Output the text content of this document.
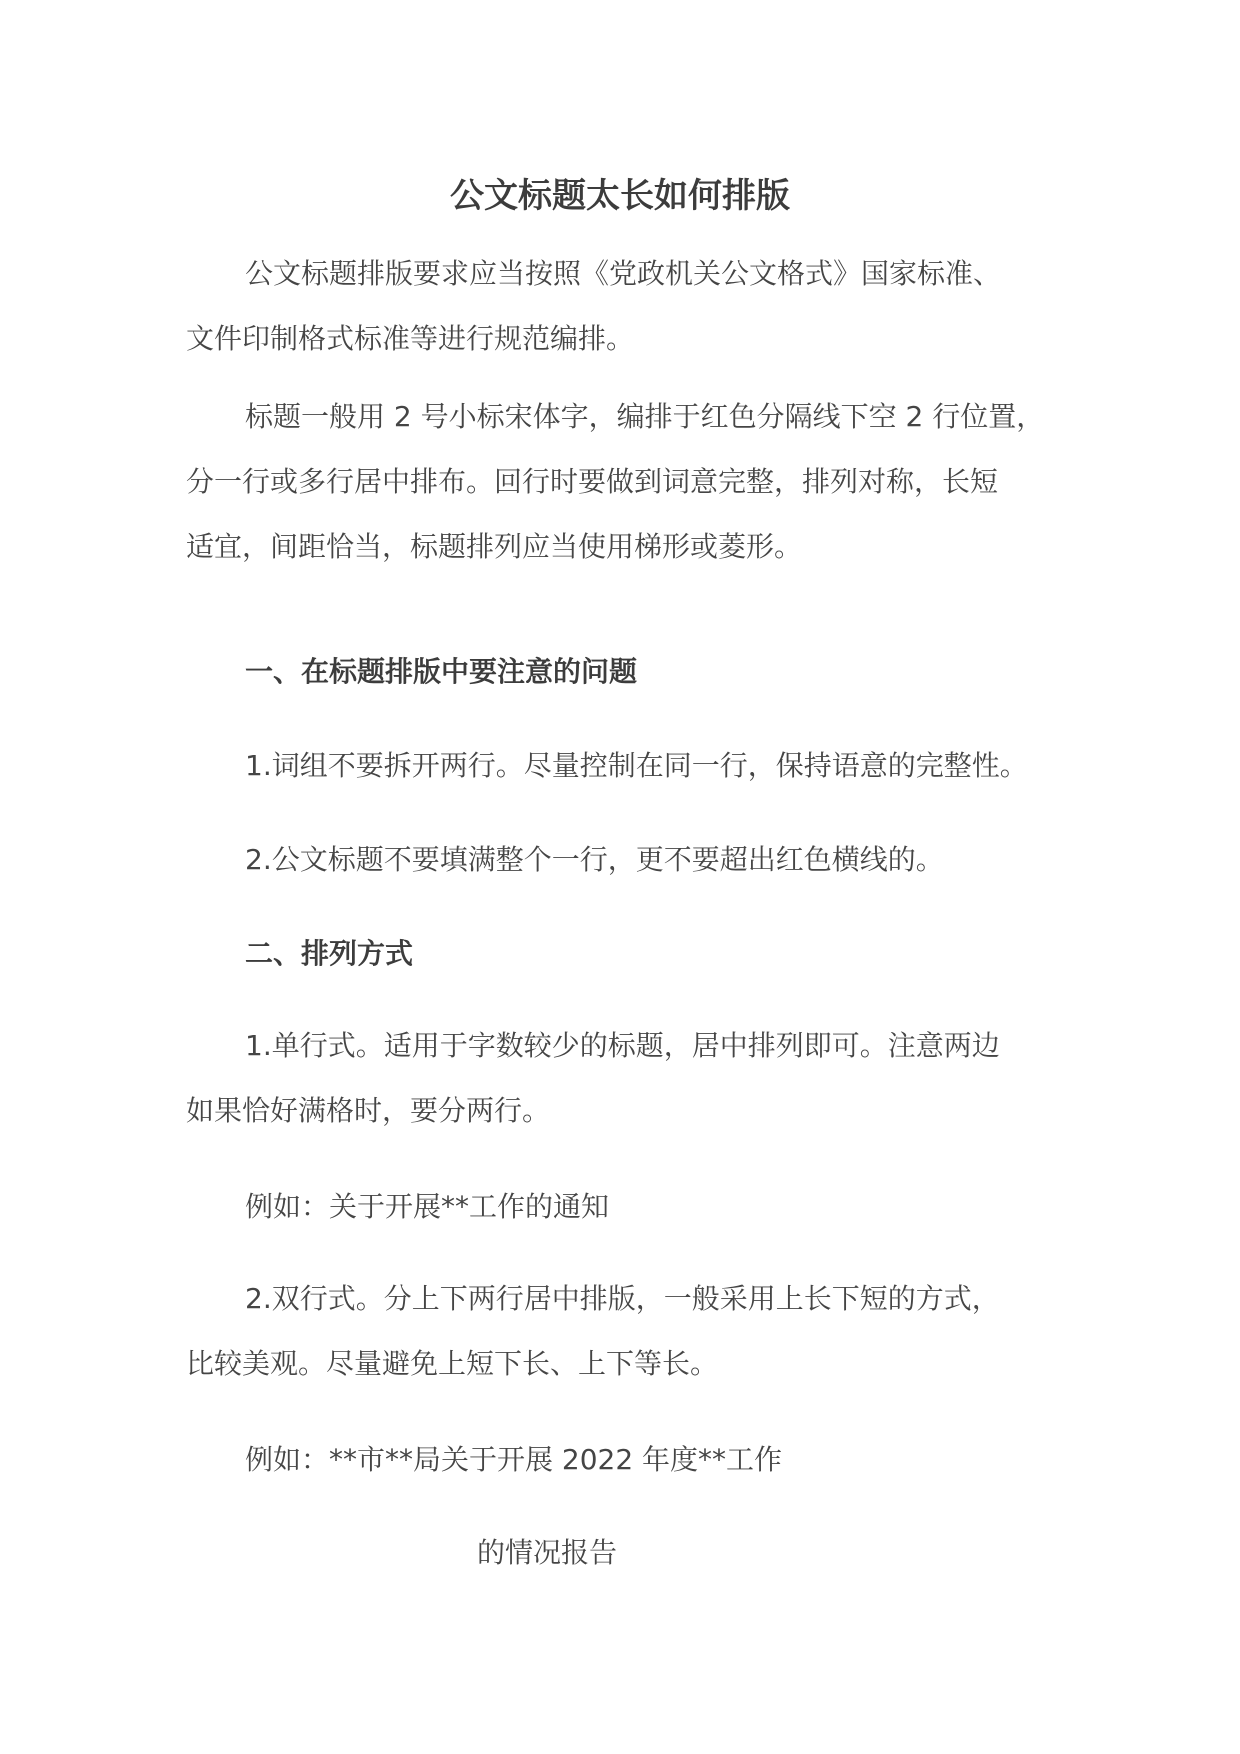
公文标题太长如何排版
公文标题排版要求应当按照《党政机关公文格式》国家标准、
文件印制格式标准等进行规范编排。
标题一般用 2 号小标宋体字，编排于红色分隔线下空 2 行位置，
分一行或多行居中排布。回行时要做到词意完整，排列对称，长短
适宜，间距恰当，标题排列应当使用梯形或菱形。
一、在标题排版中要注意的问题
1.词组不要拆开两行。尽量控制在同一行，保持语意的完整性。
2.公文标题不要填满整个一行，更不要超出红色横线的。
二、排列方式
1.单行式。适用于字数较少的标题，居中排列即可。注意两边
如果恰好满格时，要分两行。
例如：关于开展**工作的通知
2.双行式。分上下两行居中排版，一般采用上长下短的方式，
比较美观。尽量避免上短下长、上下等长。
例如：**市**局关于开展 2022 年度**工作
的情况报告
